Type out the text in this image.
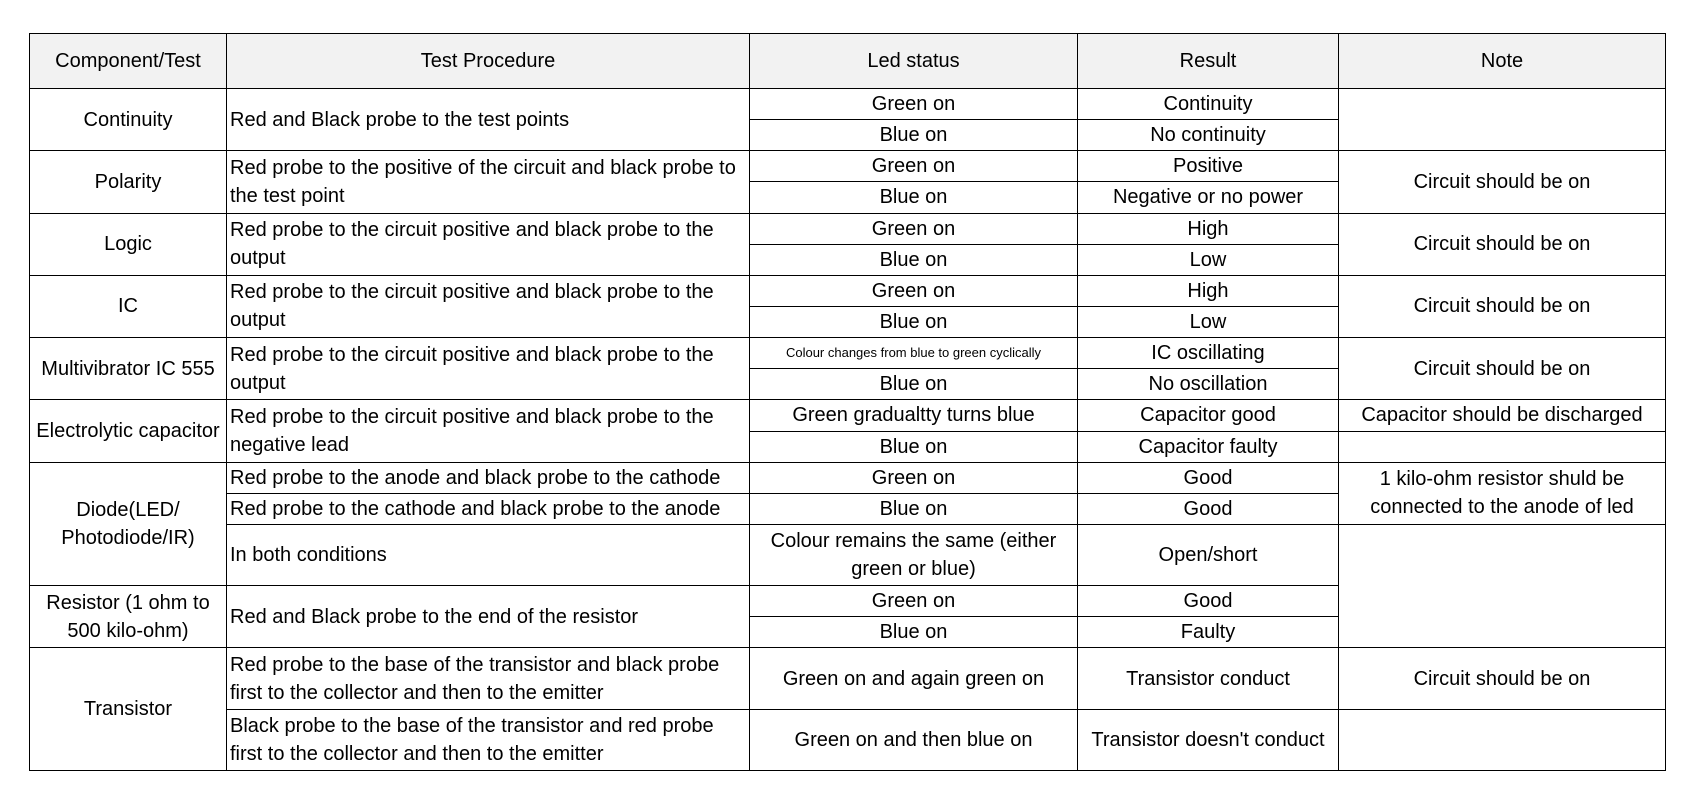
Component/Test	Test Procedure	Led status	Result	Note
Continuity	Red and Black probe to the test points	Green on	Continuity	
		Blue on	No continuity	
Polarity	Red probe to the positive of the circuit and black probe to the test point	Green on	Positive	Circuit should be on
		Blue on	Negative or no power	
Logic	Red probe to the circuit positive and black probe to the output	Green on	High	Circuit should be on
		Blue on	Low	
IC	Red probe to the circuit positive and black probe to the output	Green on	High	Circuit should be on
		Blue on	Low	
Multivibrator IC 555	Red probe to the circuit positive and black probe to the output	Colour changes from blue to green cyclically	IC oscillating	Circuit should be on
		Blue on	No oscillation	
Electrolytic capacitor	Red probe to the circuit positive and black probe to the negative lead	Green gradualtty turns blue	Capacitor good	Capacitor should be discharged
		Blue on	Capacitor faulty	
Diode(LED/ Photodiode/IR)	Red probe to the anode and black probe to the cathode	Green on	Good	1 kilo-ohm resistor shuld be connected to the anode of led
	Red probe to the cathode and black probe to the anode	Blue on	Good	
	In both conditions	Colour remains the same (either green or blue)	Open/short	
Resistor (1 ohm to 500 kilo-ohm)	Red and Black probe to the end of the resistor	Green on	Good	
		Blue on	Faulty	
Transistor	Red probe to the base of the transistor and black probe first to the collector and then to the emitter	Green on and again green on	Transistor conduct	Circuit should be on
	Black probe to the base of the transistor and red probe first to the collector and then to the emitter	Green on and then blue on	Transistor doesn't conduct	
